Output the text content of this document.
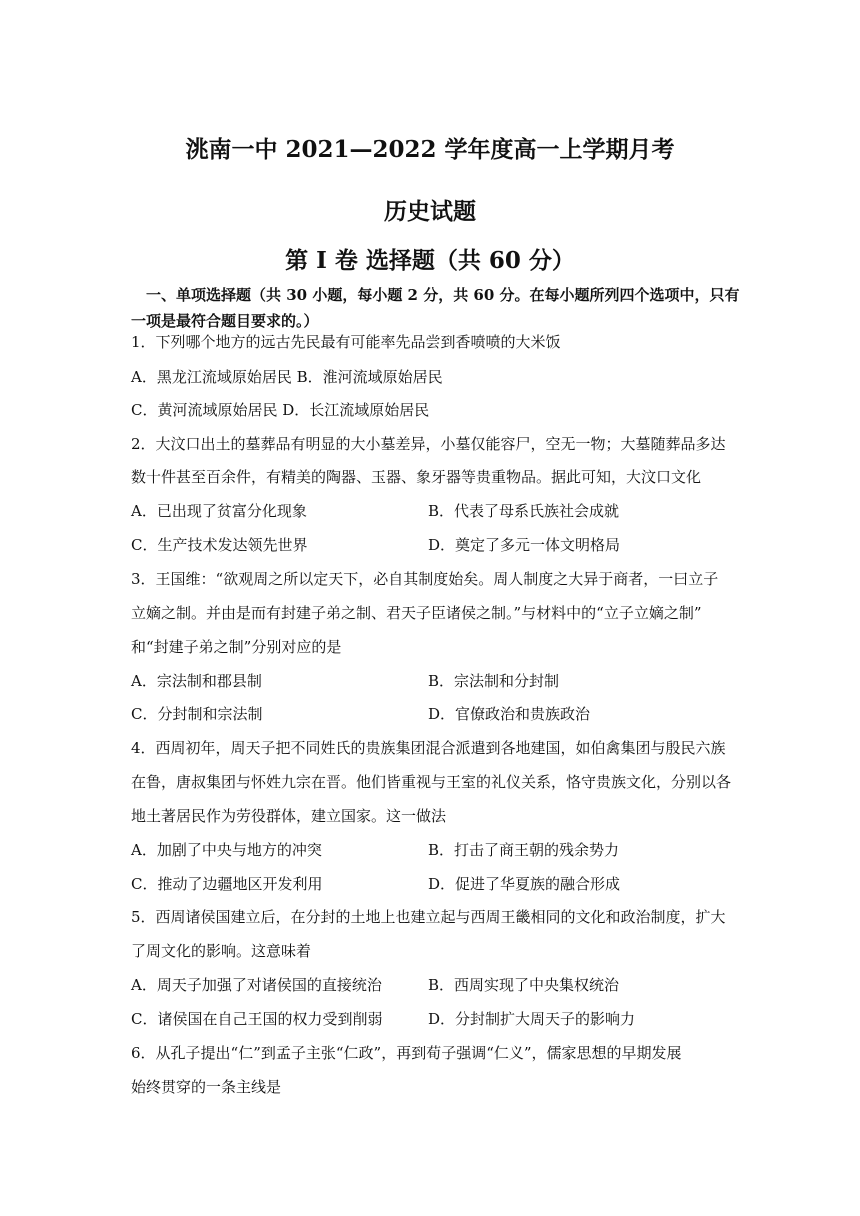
洮南一中 2021—2022 学年度高一上学期月考
历史试题
第 I 卷 选择题（共 60 分）
　一、单项选择题（共 30 小题，每小题 2 分，共 60 分。在每小题所列四个选项中，只有
一项是最符合题目要求的。）
1．下列哪个地方的远古先民最有可能率先品尝到香喷喷的大米饭
A．黑龙江流域原始居民 B．淮河流域原始居民
C．黄河流域原始居民 D．长江流域原始居民
2．大汶口出土的墓葬品有明显的大小墓差异，小墓仅能容尸，空无一物；大墓随葬品多达
数十件甚至百余件，有精美的陶器、玉器、象牙器等贵重物品。据此可知，大汶口文化
A．已出现了贫富分化现象	B．代表了母系氏族社会成就
C．生产技术发达领先世界	D．奠定了多元一体文明格局
3．王国维：“欲观周之所以定天下，必自其制度始矣。周人制度之大异于商者，一曰立子
立嫡之制。并由是而有封建子弟之制、君天子臣诸侯之制。”与材料中的“立子立嫡之制”
和“封建子弟之制”分别对应的是
A．宗法制和郡县制	B．宗法制和分封制
C．分封制和宗法制	D．官僚政治和贵族政治
4．西周初年，周天子把不同姓氏的贵族集团混合派遣到各地建国，如伯禽集团与殷民六族
在鲁，唐叔集团与怀姓九宗在晋。他们皆重视与王室的礼仪关系，恪守贵族文化，分别以各
地土著居民作为劳役群体，建立国家。这一做法
A．加剧了中央与地方的冲突	B．打击了商王朝的残余势力
C．推动了边疆地区开发利用	D．促进了华夏族的融合形成
5．西周诸侯国建立后，在分封的土地上也建立起与西周王畿相同的文化和政治制度，扩大
了周文化的影响。这意味着
A．周天子加强了对诸侯国的直接统治	B．西周实现了中央集权统治
C．诸侯国在自己王国的权力受到削弱	D．分封制扩大周天子的影响力
6．从孔子提出“仁”到孟子主张“仁政”，再到荀子强调“仁义”，儒家思想的早期发展
始终贯穿的一条主线是
